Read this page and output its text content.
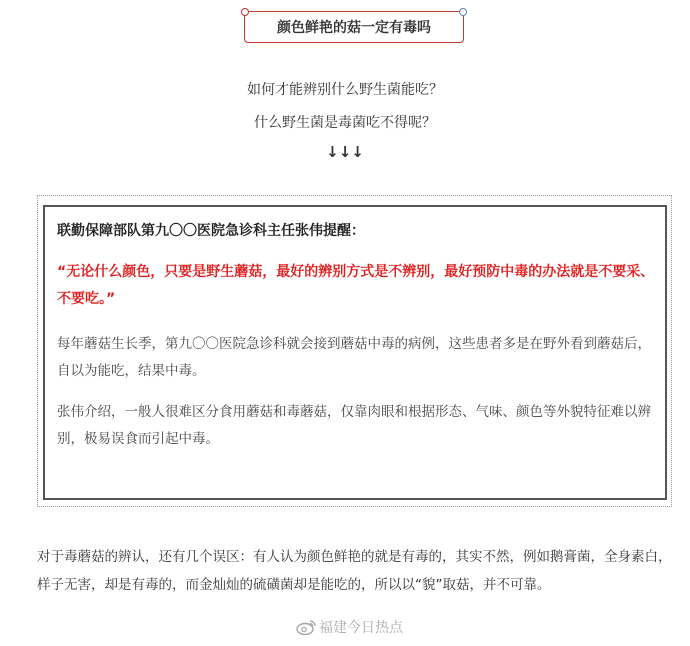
颜色鲜艳的菇一定有毒吗
如何才能辨别什么野生菌能吃？
什么野生菌是毒菌吃不得呢？
↓↓↓

联勤保障部队第九〇〇医院急诊科主任张伟提醒：

“无论什么颜色，只要是野生蘑菇，最好的辨别方式是不辨别，最好预防中毒的办法就是不要采、不要吃。”

每年蘑菇生长季，第九〇〇医院急诊科就会接到蘑菇中毒的病例，这些患者多是在野外看到蘑菇后，自以为能吃，结果中毒。

张伟介绍，一般人很难区分食用蘑菇和毒蘑菇，仅靠肉眼和根据形态、气味、颜色等外貌特征难以辨别，极易误食而引起中毒。

对于毒蘑菇的辨认，还有几个误区：有人认为颜色鲜艳的就是有毒的，其实不然，例如鹅膏菌，全身素白，样子无害，却是有毒的，而金灿灿的硫磺菌却是能吃的，所以以“貌”取菇，并不可靠。

福建今日热点
